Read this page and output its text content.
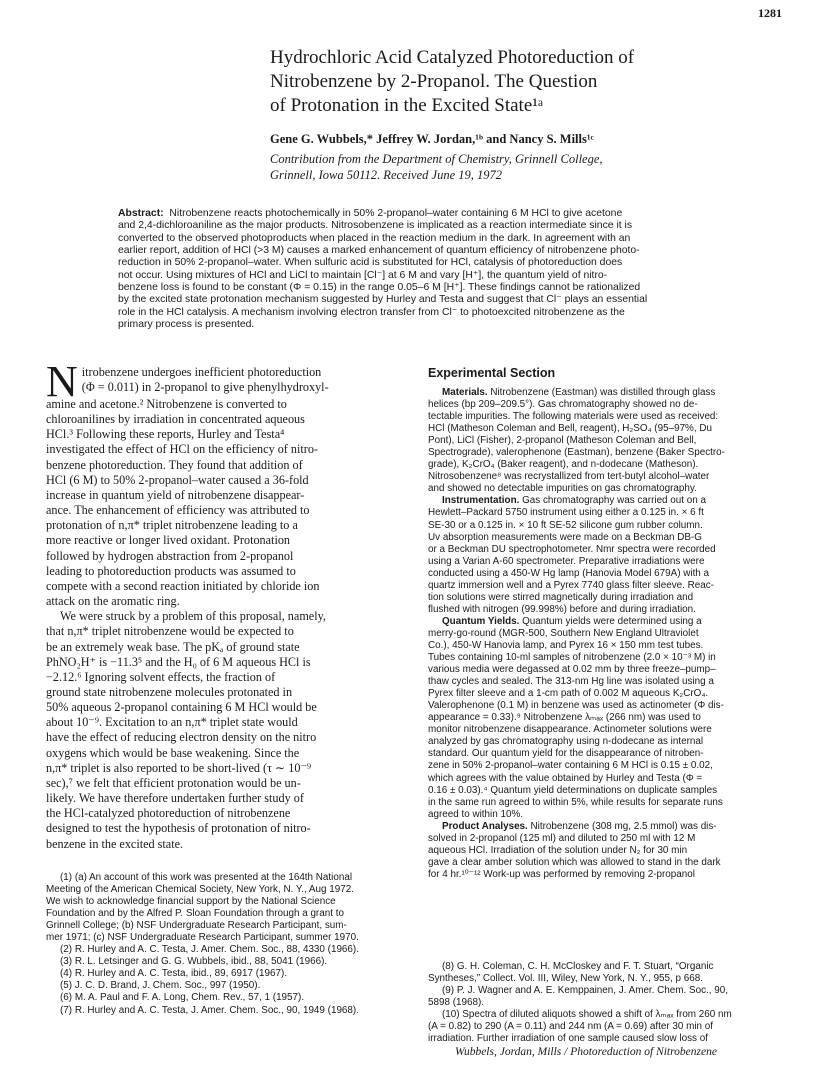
1281
Hydrochloric Acid Catalyzed Photoreduction of
Nitrobenzene by 2-Propanol. The Question
of Protonation in the Excited State¹ᵃ
Gene G. Wubbels,* Jeffrey W. Jordan,¹ᵇ and Nancy S. Mills¹ᶜ
Contribution from the Department of Chemistry, Grinnell College,
Grinnell, Iowa 50112. Received June 19, 1972
Abstract: Nitrobenzene reacts photochemically in 50% 2-propanol–water containing 6 M HCl to give acetone
and 2,4-dichloroaniline as the major products. Nitrosobenzene is implicated as a reaction intermediate since it is
converted to the observed photoproducts when placed in the reaction medium in the dark. In agreement with an
earlier report, addition of HCl (>3 M) causes a marked enhancement of quantum efficiency of nitrobenzene photo-
reduction in 50% 2-propanol–water. When sulfuric acid is substituted for HCl, catalysis of photoreduction does
not occur. Using mixtures of HCl and LiCl to maintain [Cl⁻] at 6 M and vary [H⁺], the quantum yield of nitro-
benzene loss is found to be constant (Φ = 0.15) in the range 0.05–6 M [H⁺]. These findings cannot be rationalized
by the excited state protonation mechanism suggested by Hurley and Testa and suggest that Cl⁻ plays an essential
role in the HCl catalysis. A mechanism involving electron transfer from Cl⁻ to photoexcited nitrobenzene as the
primary process is presented.
N itrobenzene undergoes inefficient photoreduction
(Φ = 0.011) in 2-propanol to give phenylhydroxyl-
amine and acetone.² Nitrobenzene is converted to
chloroanilines by irradiation in concentrated aqueous
HCl.³ Following these reports, Hurley and Testa⁴
investigated the effect of HCl on the efficiency of nitro-
benzene photoreduction. They found that addition of
HCl (6 M) to 50% 2-propanol–water caused a 36-fold
increase in quantum yield of nitrobenzene disappear-
ance. The enhancement of efficiency was attributed to
protonation of n,π* triplet nitrobenzene leading to a
more reactive or longer lived oxidant. Protonation
followed by hydrogen abstraction from 2-propanol
leading to photoreduction products was assumed to
compete with a second reaction initiated by chloride ion
attack on the aromatic ring.
We were struck by a problem of this proposal, namely,
that n,π* triplet nitrobenzene would be expected to
be an extremely weak base. The pKₐ of ground state
PhNO₂H⁺ is −11.3⁵ and the H₀ of 6 M aqueous HCl is
−2.12.⁶ Ignoring solvent effects, the fraction of
ground state nitrobenzene molecules protonated in
50% aqueous 2-propanol containing 6 M HCl would be
about 10⁻⁹. Excitation to an n,π* triplet state would
have the effect of reducing electron density on the nitro
oxygens which would be base weakening. Since the
n,π* triplet is also reported to be short-lived (τ ∼ 10⁻⁹
sec),⁷ we felt that efficient protonation would be un-
likely. We have therefore undertaken further study of
the HCl-catalyzed photoreduction of nitrobenzene
designed to test the hypothesis of protonation of nitro-
benzene in the excited state.
(1) (a) An account of this work was presented at the 164th National
Meeting of the American Chemical Society, New York, N. Y., Aug 1972.
We wish to acknowledge financial support by the National Science
Foundation and by the Alfred P. Sloan Foundation through a grant to
Grinnell College; (b) NSF Undergraduate Research Participant, sum-
mer 1971; (c) NSF Undergraduate Research Participant, summer 1970.
(2) R. Hurley and A. C. Testa, J. Amer. Chem. Soc., 88, 4330 (1966).
(3) R. L. Letsinger and G. G. Wubbels, ibid., 88, 5041 (1966).
(4) R. Hurley and A. C. Testa, ibid., 89, 6917 (1967).
(5) J. C. D. Brand, J. Chem. Soc., 997 (1950).
(6) M. A. Paul and F. A. Long, Chem. Rev., 57, 1 (1957).
(7) R. Hurley and A. C. Testa, J. Amer. Chem. Soc., 90, 1949 (1968).
Experimental Section
Materials. Nitrobenzene (Eastman) was distilled through glass
helices (bp 209–209.5°). Gas chromatography showed no de-
tectable impurities. The following materials were used as received:
HCl (Matheson Coleman and Bell, reagent), H₂SO₄ (95–97%, Du
Pont), LiCl (Fisher), 2-propanol (Matheson Coleman and Bell,
Spectrograde), valerophenone (Eastman), benzene (Baker Spectro-
grade), K₂CrO₄ (Baker reagent), and n-dodecane (Matheson).
Nitrosobenzene⁸ was recrystallized from tert-butyl alcohol–water
and showed no detectable impurities on gas chromatography.
Instrumentation. Gas chromatography was carried out on a
Hewlett–Packard 5750 instrument using either a 0.125 in. × 6 ft
SE-30 or a 0.125 in. × 10 ft SE-52 silicone gum rubber column.
Uv absorption measurements were made on a Beckman DB-G
or a Beckman DU spectrophotometer. Nmr spectra were recorded
using a Varian A-60 spectrometer. Preparative irradiations were
conducted using a 450-W Hg lamp (Hanovia Model 679A) with a
quartz immersion well and a Pyrex 7740 glass filter sleeve. Reac-
tion solutions were stirred magnetically during irradiation and
flushed with nitrogen (99.998%) before and during irradiation.
Quantum Yields. Quantum yields were determined using a
merry-go-round (MGR-500, Southern New England Ultraviolet
Co.), 450-W Hanovia lamp, and Pyrex 16 × 150 mm test tubes.
Tubes containing 10-ml samples of nitrobenzene (2.0 × 10⁻³ M) in
various media were degassed at 0.02 mm by three freeze–pump–
thaw cycles and sealed. The 313-nm Hg line was isolated using a
Pyrex filter sleeve and a 1-cm path of 0.002 M aqueous K₂CrO₄.
Valerophenone (0.1 M) in benzene was used as actinometer (Φ dis-
appearance = 0.33).⁹ Nitrobenzene λₘₐₓ (266 nm) was used to
monitor nitrobenzene disappearance. Actinometer solutions were
analyzed by gas chromatography using n-dodecane as internal
standard. Our quantum yield for the disappearance of nitroben-
zene in 50% 2-propanol–water containing 6 M HCl is 0.15 ± 0.02,
which agrees with the value obtained by Hurley and Testa (Φ =
0.16 ± 0.03).⁴ Quantum yield determinations on duplicate samples
in the same run agreed to within 5%, while results for separate runs
agreed to within 10%.
Product Analyses. Nitrobenzene (308 mg, 2.5 mmol) was dis-
solved in 2-propanol (125 ml) and diluted to 250 ml with 12 M
aqueous HCl. Irradiation of the solution under N₂ for 30 min
gave a clear amber solution which was allowed to stand in the dark
for 4 hr.¹⁰⁻¹² Work-up was performed by removing 2-propanol
(8) G. H. Coleman, C. H. McCloskey and F. T. Stuart, “Organic
Syntheses,” Collect. Vol. III, Wiley, New York, N. Y., 955, p 668.
(9) P. J. Wagner and A. E. Kemppainen, J. Amer. Chem. Soc., 90,
5898 (1968).
(10) Spectra of diluted aliquots showed a shift of λₘₐₓ from 260 nm
(A = 0.82) to 290 (A = 0.11) and 244 nm (A = 0.69) after 30 min of
irradiation. Further irradiation of one sample caused slow loss of
Wubbels, Jordan, Mills / Photoreduction of Nitrobenzene
